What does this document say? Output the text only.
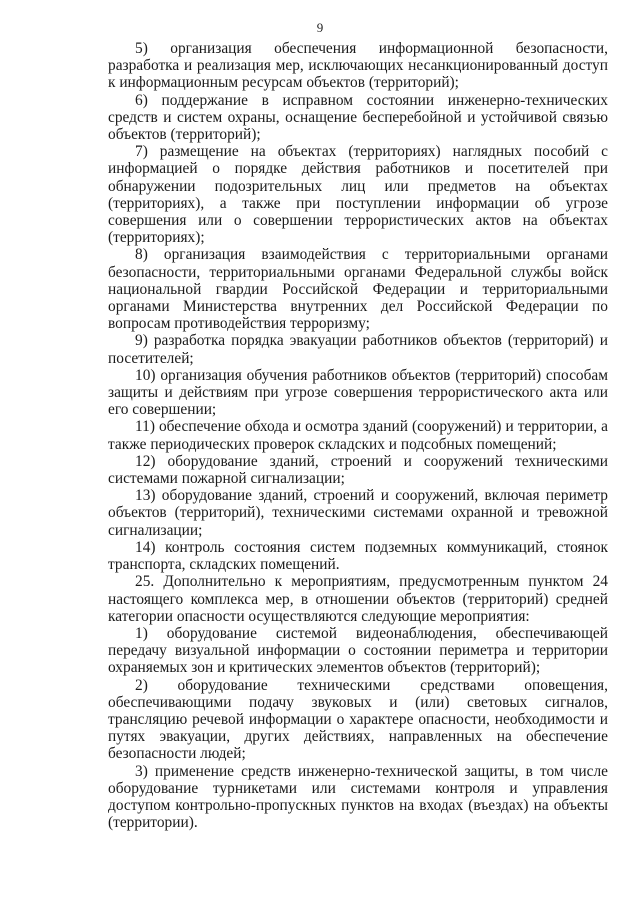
9

5) организация обеспечения информационной безопасности, разработка и реализация мер, исключающих несанкционированный доступ к информационным ресурсам объектов (территорий);

6) поддержание в исправном состоянии инженерно-технических средств и систем охраны, оснащение бесперебойной и устойчивой связью объектов (территорий);

7) размещение на объектах (территориях) наглядных пособий с информацией о порядке действия работников и посетителей при обнаружении подозрительных лиц или предметов на объектах (территориях), а также при поступлении информации об угрозе совершения или о совершении террористических актов на объектах (территориях);

8) организация взаимодействия с территориальными органами безопасности, территориальными органами Федеральной службы войск национальной гвардии Российской Федерации и территориальными органами Министерства внутренних дел Российской Федерации по вопросам противодействия терроризму;

9) разработка порядка эвакуации работников объектов (территорий) и посетителей;

10) организация обучения работников объектов (территорий) способам защиты и действиям при угрозе совершения террористического акта или его совершении;

11) обеспечение обхода и осмотра зданий (сооружений) и территории, а также периодических проверок складских и подсобных помещений;

12) оборудование зданий, строений и сооружений техническими системами пожарной сигнализации;

13) оборудование зданий, строений и сооружений, включая периметр объектов (территорий), техническими системами охранной и тревожной сигнализации;

14) контроль состояния систем подземных коммуникаций, стоянок транспорта, складских помещений.

25. Дополнительно к мероприятиям, предусмотренным пунктом 24 настоящего комплекса мер, в отношении объектов (территорий) средней категории опасности осуществляются следующие мероприятия:

1) оборудование системой видеонаблюдения, обеспечивающей передачу визуальной информации о состоянии периметра и территории охраняемых зон и критических элементов объектов (территорий);

2) оборудование техническими средствами оповещения, обеспечивающими подачу звуковых и (или) световых сигналов, трансляцию речевой информации о характере опасности, необходимости и путях эвакуации, других действиях, направленных на обеспечение безопасности людей;

3) применение средств инженерно-технической защиты, в том числе оборудование турникетами или системами контроля и управления доступом контрольно-пропускных пунктов на входах (въездах) на объекты (территории).
